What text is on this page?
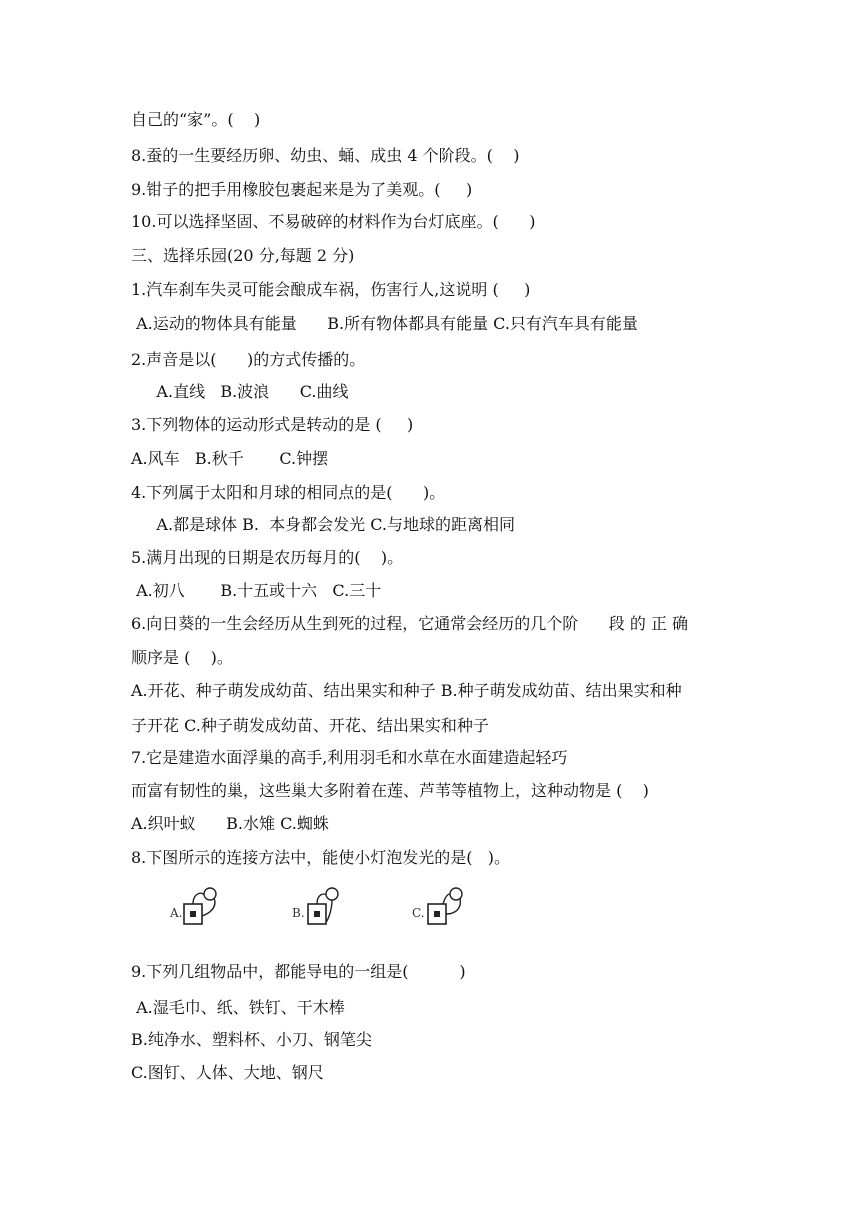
自己的“家”。(    )
8.蚕的一生要经历卵、幼虫、蛹、成虫 4 个阶段。(    )
9.钳子的把手用橡胶包裹起来是为了美观。(     )
10.可以选择坚固、不易破碎的材料作为台灯底座。(      )
三、选择乐园(20 分,每题 2 分)
1.汽车刹车失灵可能会酿成车祸，伤害行人,这说明 (     )
A.运动的物体具有能量      B.所有物体都具有能量 C.只有汽车具有能量
2.声音是以(      )的方式传播的。
A.直线   B.波浪      C.曲线
3.下列物体的运动形式是转动的是 (     )
A.风车   B.秋千       C.钟摆
4.下列属于太阳和月球的相同点的是(      )。
A.都是球体 B.  本身都会发光 C.与地球的距离相同
5.满月出现的日期是农历每月的(    )。
A.初八       B.十五或十六   C.三十
6.向日葵的一生会经历从生到死的过程，它通常会经历的几个阶      段 的 正 确
顺序是 (    )。
A.开花、种子萌发成幼苗、结出果实和种子 B.种子萌发成幼苗、结出果实和种
子开花 C.种子萌发成幼苗、开花、结出果实和种子
7.它是建造水面浮巢的高手,利用羽毛和水草在水面建造起轻巧
而富有韧性的巢，这些巢大多附着在莲、芦苇等植物上，这种动物是 (    )
A.织叶蚁      B.水雉 C.蜘蛛
8.下图所示的连接方法中，能使小灯泡发光的是(   )。
9.下列几组物品中，都能导电的一组是(          )
A.湿毛巾、纸、铁钉、干木棒
B.纯净水、塑料杯、小刀、钢笔尖
C.图钉、人体、大地、钢尺
A.	B.	C.
